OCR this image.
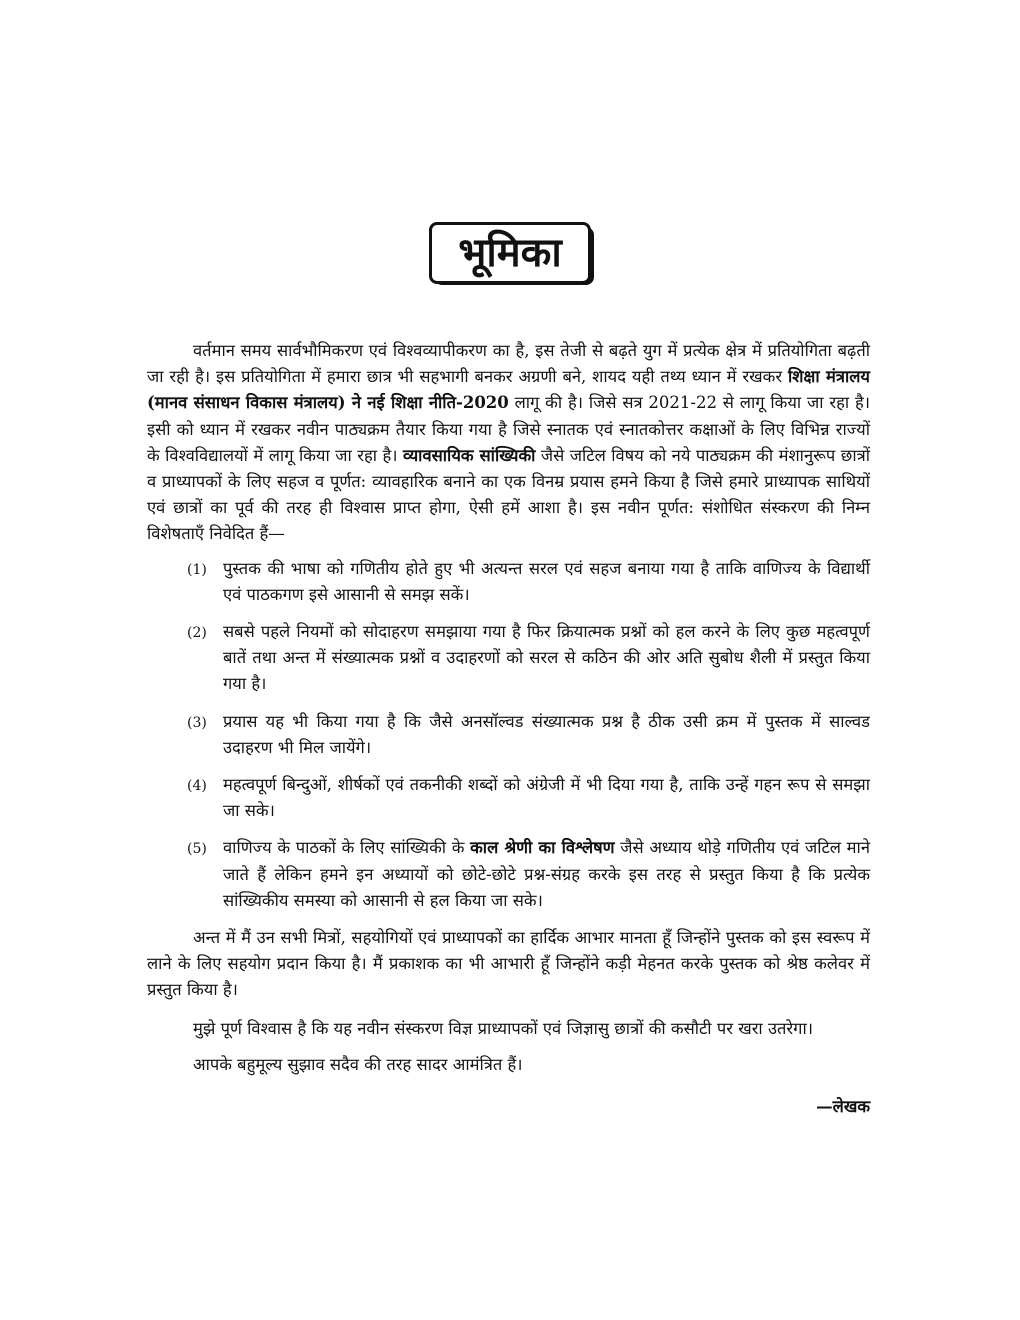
भूमिका

वर्तमान समय सार्वभौमिकरण एवं विश्वव्यापीकरण का है, इस तेजी से बढ़ते युग में प्रत्येक क्षेत्र में प्रतियोगिता बढ़ती जा रही है। इस प्रतियोगिता में हमारा छात्र भी सहभागी बनकर अग्रणी बने, शायद यही तथ्य ध्यान में रखकर शिक्षा मंत्रालय (मानव संसाधन विकास मंत्रालय) ने नई शिक्षा नीति-2020 लागू की है। जिसे सत्र 2021-22 से लागू किया जा रहा है। इसी को ध्यान में रखकर नवीन पाठ्यक्रम तैयार किया गया है जिसे स्नातक एवं स्नातकोत्तर कक्षाओं के लिए विभिन्न राज्यों के विश्वविद्यालयों में लागू किया जा रहा है। व्यावसायिक सांख्यिकी जैसे जटिल विषय को नये पाठ्यक्रम की मंशानुरूप छात्रों व प्राध्यापकों के लिए सहज व पूर्णत: व्यावहारिक बनाने का एक विनम्र प्रयास हमने किया है जिसे हमारे प्राध्यापक साथियों एवं छात्रों का पूर्व की तरह ही विश्वास प्राप्त होगा, ऐसी हमें आशा है। इस नवीन पूर्णत: संशोधित संस्करण की निम्न विशेषताएँ निवेदित हैं—

(1) पुस्तक की भाषा को गणितीय होते हुए भी अत्यन्त सरल एवं सहज बनाया गया है ताकि वाणिज्य के विद्यार्थी एवं पाठकगण इसे आसानी से समझ सकें।
(2) सबसे पहले नियमों को सोदाहरण समझाया गया है फिर क्रियात्मक प्रश्नों को हल करने के लिए कुछ महत्वपूर्ण बातें तथा अन्त में संख्यात्मक प्रश्नों व उदाहरणों को सरल से कठिन की ओर अति सुबोध शैली में प्रस्तुत किया गया है।
(3) प्रयास यह भी किया गया है कि जैसे अनसॉल्वड संख्यात्मक प्रश्न है ठीक उसी क्रम में पुस्तक में साल्वड उदाहरण भी मिल जायेंगे।
(4) महत्वपूर्ण बिन्दुओं, शीर्षकों एवं तकनीकी शब्दों को अंग्रेजी में भी दिया गया है, ताकि उन्हें गहन रूप से समझा जा सके।
(5) वाणिज्य के पाठकों के लिए सांख्यिकी के काल श्रेणी का विश्लेषण जैसे अध्याय थोड़े गणितीय एवं जटिल माने जाते हैं लेकिन हमने इन अध्यायों को छोटे-छोटे प्रश्न-संग्रह करके इस तरह से प्रस्तुत किया है कि प्रत्येक सांख्यिकीय समस्या को आसानी से हल किया जा सके।

अन्त में मैं उन सभी मित्रों, सहयोगियों एवं प्राध्यापकों का हार्दिक आभार मानता हूँ जिन्होंने पुस्तक को इस स्वरूप में लाने के लिए सहयोग प्रदान किया है। मैं प्रकाशक का भी आभारी हूँ जिन्होंने कड़ी मेहनत करके पुस्तक को श्रेष्ठ कलेवर में प्रस्तुत किया है।

मुझे पूर्ण विश्वास है कि यह नवीन संस्करण विज्ञ प्राध्यापकों एवं जिज्ञासु छात्रों की कसौटी पर खरा उतरेगा।

आपके बहुमूल्य सुझाव सदैव की तरह सादर आमंत्रित हैं।

—लेखक
